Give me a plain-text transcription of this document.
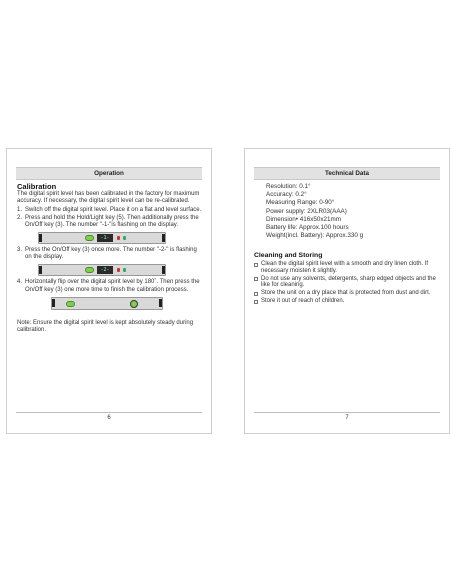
Operation
Calibration

The digital spirit level has been calibrated in the factory for maximum accuracy. If necessary, the digital spirit level can be re-calibrated.

1. Switch off the digital spirit level. Place it on a flat and level surface.
2. Press and hold the Hold/Light key (5). Then additionally press the On/Off key (3). The number "-1-"is flashing on the display.
-1-
3. Press the On/Off key (3) once more. The number "-2-" is flashing on the display.
-2-
4. Horizontally flip over the digital spirit level by 180˚. Then press the On/Off key (3) one more time to finish the calibration process.

Note: Ensure the digital spirit level is kept absolutely steady during calibration.

6
Technical Data
Resolution: 0.1°
Accuracy: 0.2°
Measuring Range: 0-90°
Power supply: 2XLR03(AAA)
Dimension• 416x50x21mm
Battery life: Approx.100 hours
Weight(incl. Battery): Approx.330 g
Cleaning and Storing
Clean the digital spirit level with a smooth and dry linen cloth. If necessary moisten it slightly.
Do not use any solvents, detergents, sharp edged objects and the like for cleaning.
Store the unit on a dry place that is protected from dust and dirt.
Store it out of reach of children.
7
